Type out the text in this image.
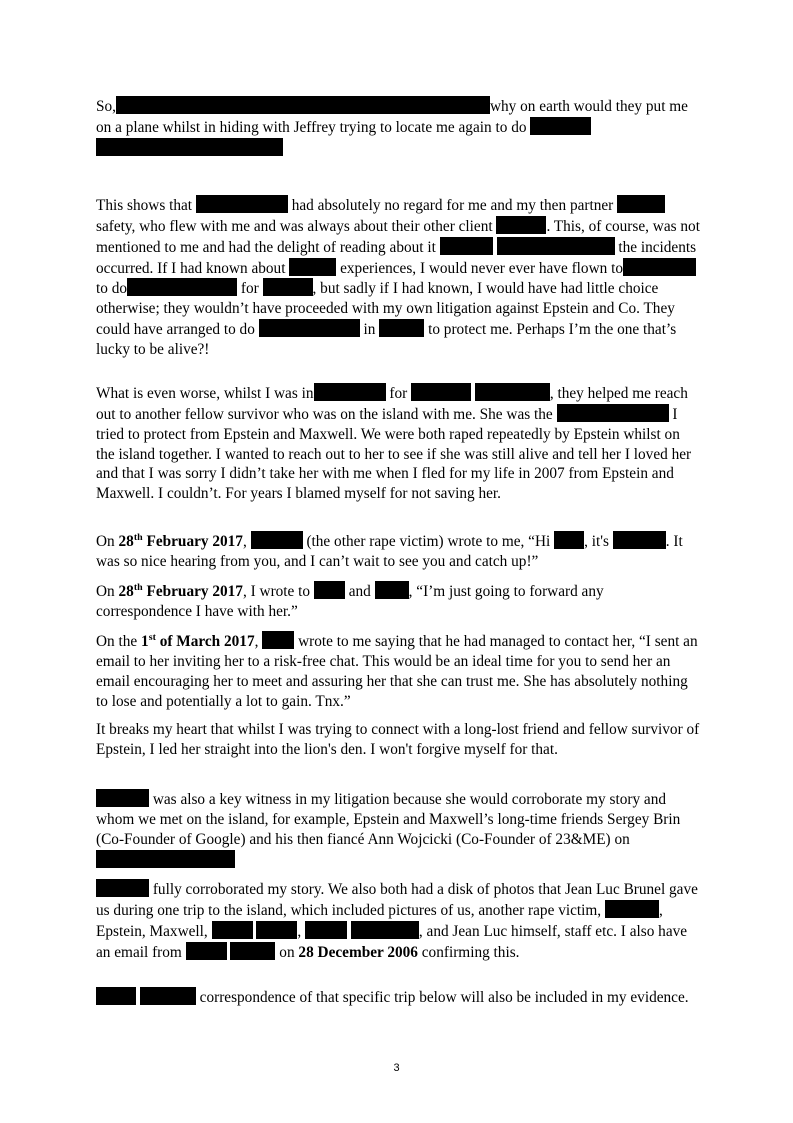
So,	why on earth would they put me on a plane whilst in hiding with Jeffrey trying to locate me again to do

This shows that	had absolutely no regard for me and my then partner  safety, who flew with me and was always about their other client	. This, of course, was not mentioned to me and had the delight of reading about it	the incidents occurred. If I had known about	experiences, I would never ever have flown toto do	for	, but sadly if I had known, I would have had little choice otherwise; they wouldn’t have proceeded with my own litigation against Epstein and Co. They could have arranged to do	in	to protect me. Perhaps I’m the one that’s lucky to be alive?!

What is even worse, whilst I was in	for	, they helped me reach out to another fellow survivor who was on the island with me. She was the	I tried to protect from Epstein and Maxwell. We were both raped repeatedly by Epstein whilst on the island together. I wanted to reach out to her to see if she was still alive and tell her I loved her and that I was sorry I didn’t take her with me when I fled for my life in 2007 from Epstein and Maxwell. I couldn’t. For years I blamed myself for not saving her.

On 28th February 2017,	(the other rape victim) wrote to me, “Hi , it's	. It was so nice hearing from you, and I can’t wait to see you and catch up!”

On 28th February 2017, I wrote to	and , “I’m just going to forward any correspondence I have with her.”

On the 1st of March 2017,	wrote to me saying that he had managed to contact her, “I sent an email to her inviting her to a risk-free chat. This would be an ideal time for you to send her an email encouraging her to meet and assuring her that she can trust me. She has absolutely nothing to lose and potentially a lot to gain. Tnx.”

It breaks my heart that whilst I was trying to connect with a long-lost friend and fellow survivor of Epstein, I led her straight into the lion's den. I won't forgive myself for that.

was also a key witness in my litigation because she would corroborate my story and whom we met on the island, for example, Epstein and Maxwell’s long-time friends Sergey Brin (Co-Founder of Google) and his then fiancé Ann Wojcicki (Co-Founder of 23&ME) on

fully corroborated my story. We also both had a disk of photos that Jean Luc Brunel gave us during one trip to the island, which included pictures of us, another rape victim,	, Epstein, Maxwell,	,	, and Jean Luc himself, staff etc. I also have an email from	on 28 December 2006 confirming this.

correspondence of that specific trip below will also be included in my evidence.

3
